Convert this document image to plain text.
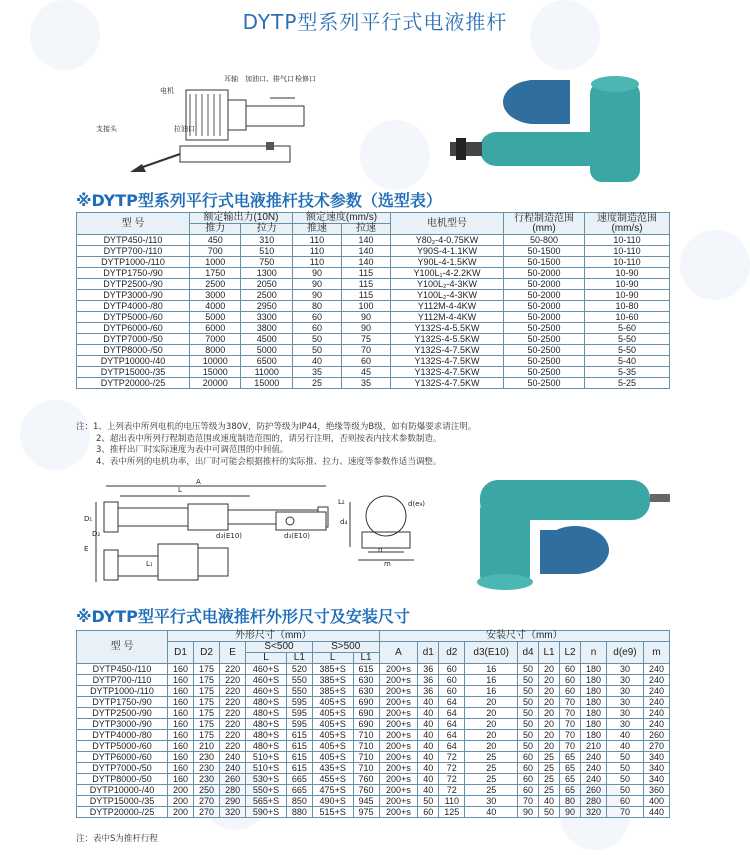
DYTP型系列平行式电液推杆
电机
支接头	拉油口
耳轴 加油口、排气口 检修口
※DYTP型系列平行式电液推杆技术参数（选型表）
型 号	额定输出力(10N)		额定速度(mm/s)		电机型号	行程制造范围(mm)	速度制造范围(mm/s)
	推力	拉力	推速	拉速			
DYTP450-/110	450	310	110	140	Y80₂-4-0.75KW	50-800	10-110
DYTP700-/110	700	510	110	140	Y90S-4-1.1KW	50-1500	10-110
DYTP1000-/110	1000	750	110	140	Y90L-4-1.5KW	50-1500	10-110
DYTP1750-/90	1750	1300	90	115	Y100L₁-4-2.2KW	50-2000	10-90
DYTP2500-/90	2500	2050	90	115	Y100L₂-4-3KW	50-2000	10-90
DYTP3000-/90	3000	2500	90	115	Y100L₂-4-3KW	50-2000	10-90
DYTP4000-/80	4000	2950	80	100	Y112M-4-4KW	50-2000	10-80
DYTP5000-/60	5000	3300	60	90	Y112M-4-4KW	50-2000	10-60
DYTP6000-/60	6000	3800	60	90	Y132S-4-5.5KW	50-2500	5-60
DYTP7000-/50	7000	4500	50	75	Y132S-4-5.5KW	50-2500	5-50
DYTP8000-/50	8000	5000	50	70	Y132S-4-7.5KW	50-2500	5-50
DYTP10000-/40	10000	6500	40	60	Y132S-4-7.5KW	50-2500	5-40
DYTP15000-/35	15000	11000	35	45	Y132S-4-7.5KW	50-2500	5-35
DYTP20000-/25	20000	15000	25	35	Y132S-4-7.5KW	50-2500	5-25
注：1、上列表中所列电机的电压等级为380V，防护等级为IP44，绝缘等级为B级，如有防爆要求请注明。
2、超出表中所列行程制造范围或速度制造范围的，请另行注明，否则按表内技术参数制造。
3、推杆出厂时实际速度为表中可调范围的中间值。
4、表中所列的电机功率，出厂时可能会根据推杆的实际推、拉力、速度等参数作适当调整。
A
L
L₁
D₁
D₂
E
d₃(E10)	d₃(E10)
d₄
L₂	d(e₉)
n
m
※DYTP型平行式电液推杆外形尺寸及安装尺寸
型 号	外形尺寸（mm）							安装尺寸（mm）									
	D1	D2	E	S<500		S>500		A	d1	d2	d3(E10)	d4	L1	L2	n	d(e9)	m
				L	L1	L	L1										
DYTP450-/110	160	175	220	460+S	520	385+S	615	200+s	36	60	16	50	20	60	180	30	240
DYTP700-/110	160	175	220	460+S	550	385+S	630	200+s	36	60	16	50	20	60	180	30	240
DYTP1000-/110	160	175	220	460+S	550	385+S	630	200+s	36	60	16	50	20	60	180	30	240
DYTP1750-/90	160	175	220	480+S	595	405+S	690	200+s	40	64	20	50	20	70	180	30	240
DYTP2500-/90	160	175	220	480+S	595	405+S	690	200+s	40	64	20	50	20	70	180	30	240
DYTP3000-/90	160	175	220	480+S	595	405+S	690	200+s	40	64	20	50	20	70	180	30	240
DYTP4000-/80	160	175	220	480+S	615	405+S	710	200+s	40	64	20	50	20	70	180	40	260
DYTP5000-/60	160	210	220	480+S	615	405+S	710	200+s	40	64	20	50	20	70	210	40	270
DYTP6000-/60	160	230	240	510+S	615	405+S	710	200+s	40	72	25	60	25	65	240	50	340
DYTP7000-/50	160	230	240	510+S	615	435+S	710	200+s	40	72	25	60	25	65	240	50	340
DYTP8000-/50	160	230	260	530+S	665	455+S	760	200+s	40	72	25	60	25	65	240	50	340
DYTP10000-/40	200	250	280	550+S	665	475+S	760	200+s	40	72	25	60	25	65	260	50	360
DYTP15000-/35	200	270	290	565+S	850	490+S	945	200+s	50	110	30	70	40	80	280	60	400
DYTP20000-/25	200	270	320	590+S	880	515+S	975	200+s	60	125	40	90	50	90	320	70	440
注：表中S为推杆行程
